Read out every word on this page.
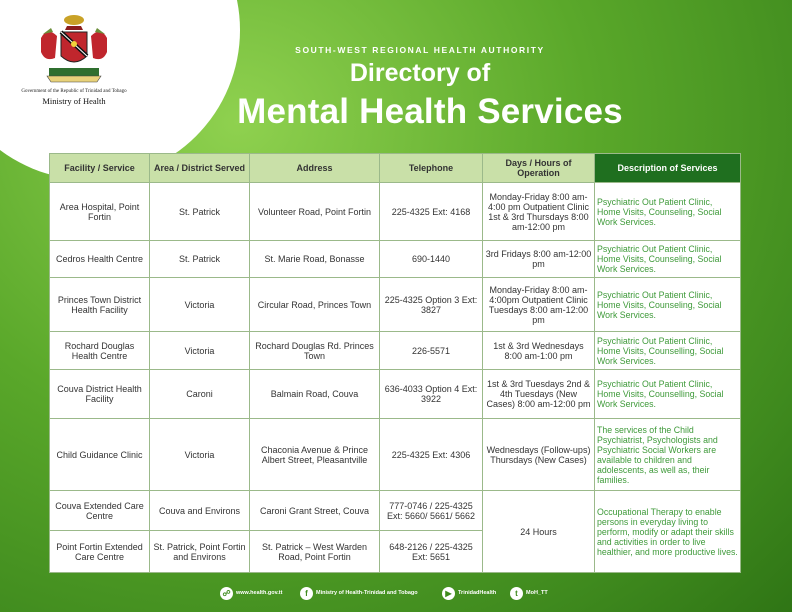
Government of the Republic of Trinidad and Tobago
Ministry of Health
SOUTH-WEST REGIONAL HEALTH AUTHORITY
Directory of
Mental Health Services
Facility / Service	Area / District Served	Address	Telephone	Days / Hours of Operation	Description of Services
Area Hospital, Point Fortin	St. Patrick	Volunteer Road, Point Fortin	225-4325 Ext: 4168	Monday-Friday 8:00 am-4:00 pm Outpatient Clinic 1st & 3rd Thursdays 8:00 am-12:00 pm	Psychiatric Out Patient Clinic, Home Visits, Counseling, Social Work Services.
Cedros Health Centre	St. Patrick	St. Marie Road, Bonasse	690-1440	3rd Fridays 8:00 am-12:00 pm	Psychiatric Out Patient Clinic, Home Visits, Counseling, Social Work Services.
Princes Town District Health Facility	Victoria	Circular Road, Princes Town	225-4325 Option 3 Ext: 3827	Monday-Friday 8:00 am-4:00pm Outpatient Clinic Tuesdays 8:00 am-12:00 pm	Psychiatric Out Patient Clinic, Home Visits, Counseling, Social Work Services.
Rochard Douglas Health Centre	Victoria	Rochard Douglas Rd. Princes Town	226-5571	1st & 3rd Wednesdays 8:00 am-1:00 pm	Psychiatric Out Patient Clinic, Home Visits, Counselling, Social Work Services.
Couva District Health Facility	Caroni	Balmain Road, Couva	636-4033 Option 4 Ext: 3922	1st & 3rd Tuesdays 2nd & 4th Tuesdays (New Cases) 8:00 am-12:00 pm	Psychiatric Out Patient Clinic, Home Visits, Counselling, Social Work Services.
Child Guidance Clinic	Victoria	Chaconia Avenue & Prince Albert Street, Pleasantville	225-4325 Ext: 4306	Wednesdays (Follow-ups) Thursdays (New Cases)	The services of the Child Psychiatrist, Psychologists and Psychiatric Social Workers are available to children and adolescents, as well as, their families.
Couva Extended Care Centre	Couva and Environs	Caroni Grant Street, Couva	777-0746 / 225-4325 Ext: 5660/ 5661/ 5662	24 Hours	Occupational Therapy to enable persons in everyday living to perform, modify or adapt their skills and activities in order to live healthier, and more productive lives.
Point Fortin Extended Care Centre	St. Patrick, Point Fortin and Environs	St. Patrick – West Warden Road, Point Fortin	648-2126 / 225-4325 Ext: 5651		
☍ www.health.gov.tt	f	Ministry of Health-Trinidad and Tobago	▶	TrinidadHealth	t	MoH_TT
